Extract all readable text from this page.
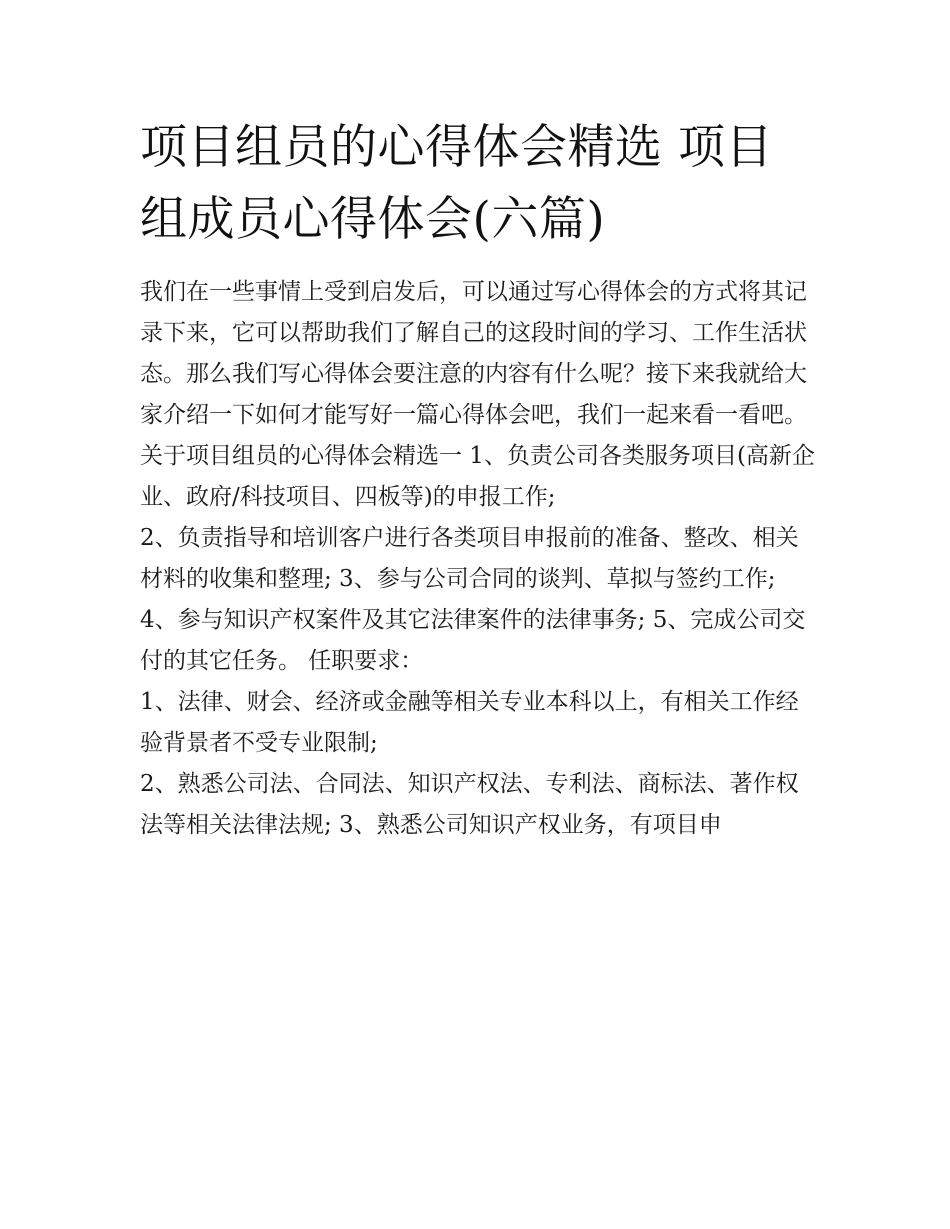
项目组员的心得体会精选 项目组成员心得体会(六篇)

我们在一些事情上受到启发后，可以通过写心得体会的方式将其记录下来，它可以帮助我们了解自己的这段时间的学习、工作生活状态。那么我们写心得体会要注意的内容有什么呢？接下来我就给大家介绍一下如何才能写好一篇心得体会吧，我们一起来看一看吧。

关于项目组员的心得体会精选一 1、负责公司各类服务项目(高新企业、政府/科技项目、四板等)的申报工作;

2、负责指导和培训客户进行各类项目申报前的准备、整改、相关材料的收集和整理; 3、参与公司合同的谈判、草拟与签约工作;

4、参与知识产权案件及其它法律案件的法律事务; 5、完成公司交付的其它任务。 任职要求：

1、法律、财会、经济或金融等相关专业本科以上，有相关工作经验背景者不受专业限制;

2、熟悉公司法、合同法、知识产权法、专利法、商标法、著作权法等相关法律法规; 3、熟悉公司知识产权业务，有项目申
